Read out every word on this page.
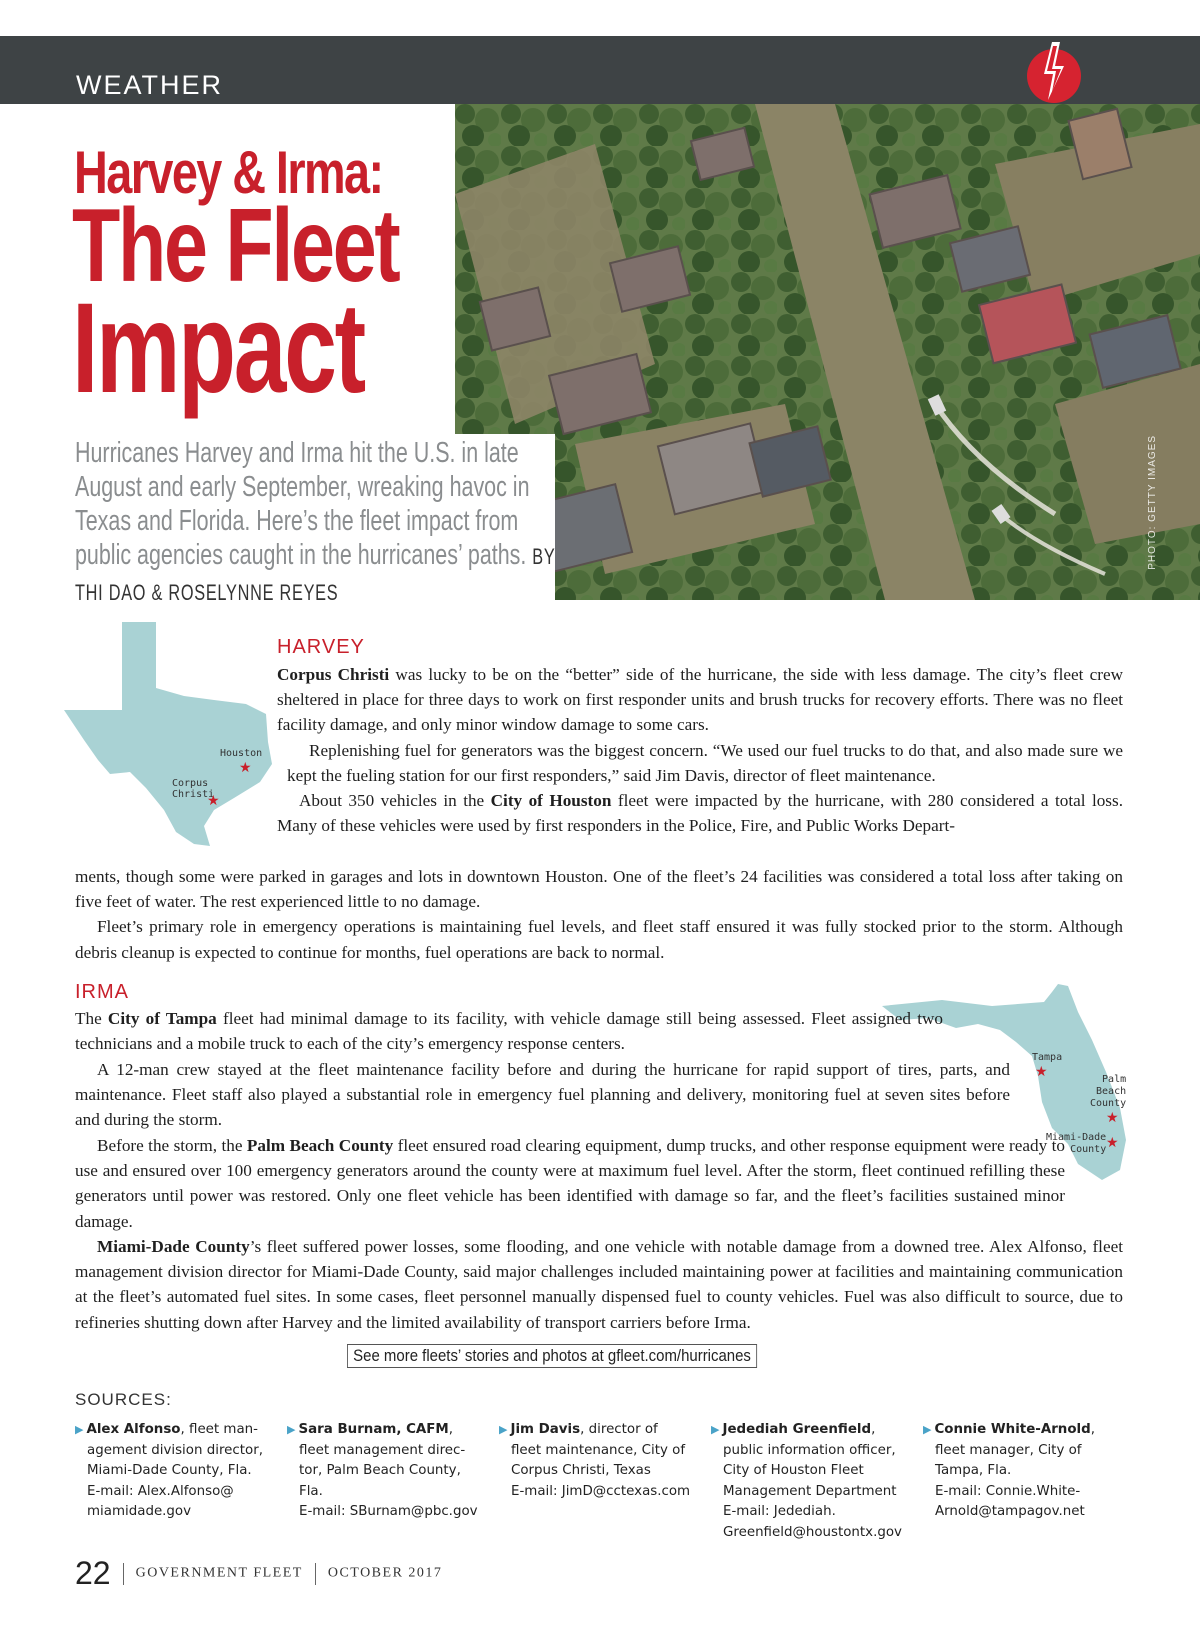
WEATHER
PHOTO: GETTY IMAGES
Harvey & Irma:
The Fleet
Impact
Hurricanes Harvey and Irma hit the U.S. in late August and early September, wreaking havoc in Texas and Florida. Here’s the fleet impact from public agencies caught in the hurricanes’ paths. BY THI DAO & ROSELYNNE REYES
Houston
★
Corpus
Christi
★
HARVEY

Corpus Christi was lucky to be on the “better” side of the hurricane, the side with less damage. The city’s fleet crew sheltered in place for three days to work on first responder units and brush trucks for recovery efforts. There was no fleet facility damage, and only minor window damage to some cars.

Replenishing fuel for generators was the biggest concern. “We used our fuel trucks to do that, and also made sure we kept the fueling station for our first responders,” said Jim Davis, director of fleet maintenance.

About 350 vehicles in the City of Houston fleet were impacted by the hurricane, with 280 considered a total loss. Many of these vehicles were used by first responders in the Police, Fire, and Public Works Depart-

ments, though some were parked in garages and lots in downtown Houston. One of the fleet’s 24 facilities was considered a total loss after taking on five feet of water. The rest experienced little to no damage.

Fleet’s primary role in emergency operations is maintaining fuel levels, and fleet staff ensured it was fully stocked prior to the storm. Although debris cleanup is expected to continue for months, fuel operations are back to normal.

Tampa
★	Palm
Beach
County
★
Miami-Dade
County ★
IRMA

The City of Tampa fleet had minimal damage to its facility, with vehicle damage still being assessed. Fleet assigned two technicians and a mobile truck to each of the city’s emergency response centers.

A 12-man crew stayed at the fleet maintenance facility before and during the hurricane for rapid support of tires, parts, and maintenance. Fleet staff also played a substantial role in emergency fuel planning and delivery, monitoring fuel at seven sites before and during the storm.

Before the storm, the Palm Beach County fleet ensured road clearing equipment, dump trucks, and other response equipment were ready to use and ensured over 100 emergency generators around the county were at maximum fuel level. After the storm, fleet continued refilling these generators until power was restored. Only one fleet vehicle has been identified with damage so far, and the fleet’s facilities sustained minor damage.

Miami-Dade County’s fleet suffered power losses, some flooding, and one vehicle with notable damage from a downed tree. Alex Alfonso, fleet management division director for Miami-Dade County, said major challenges included maintaining power at facilities and maintaining communication at the fleet’s automated fuel sites. In some cases, fleet personnel manually dispensed fuel to county vehicles. Fuel was also difficult to source, due to refineries shutting down after Harvey and the limited availability of transport carriers before Irma.

See more fleets’ stories and photos at gfleet.com/hurricanes
SOURCES:
▶ Alex Alfonso, fleet man-
agement division director,
Miami-Dade County, Fla.
E-mail: Alex.Alfonso@
miamidade.gov
▶ Sara Burnam, CAFM,
fleet management direc-
tor, Palm Beach County,
Fla.
E-mail: SBurnam@pbc.gov
▶ Jim Davis, director of
fleet maintenance, City of
Corpus Christi, Texas
E-mail: JimD@cctexas.com
▶ Jedediah Greenfield,
public information officer,
City of Houston Fleet
Management Department
E-mail: Jedediah.
Greenfield@houstontx.gov
▶ Connie White-Arnold,
fleet manager, City of
Tampa, Fla.
E-mail: Connie.White-
Arnold@tampagov.net
22 GOVERNMENT FLEET OCTOBER 2017
